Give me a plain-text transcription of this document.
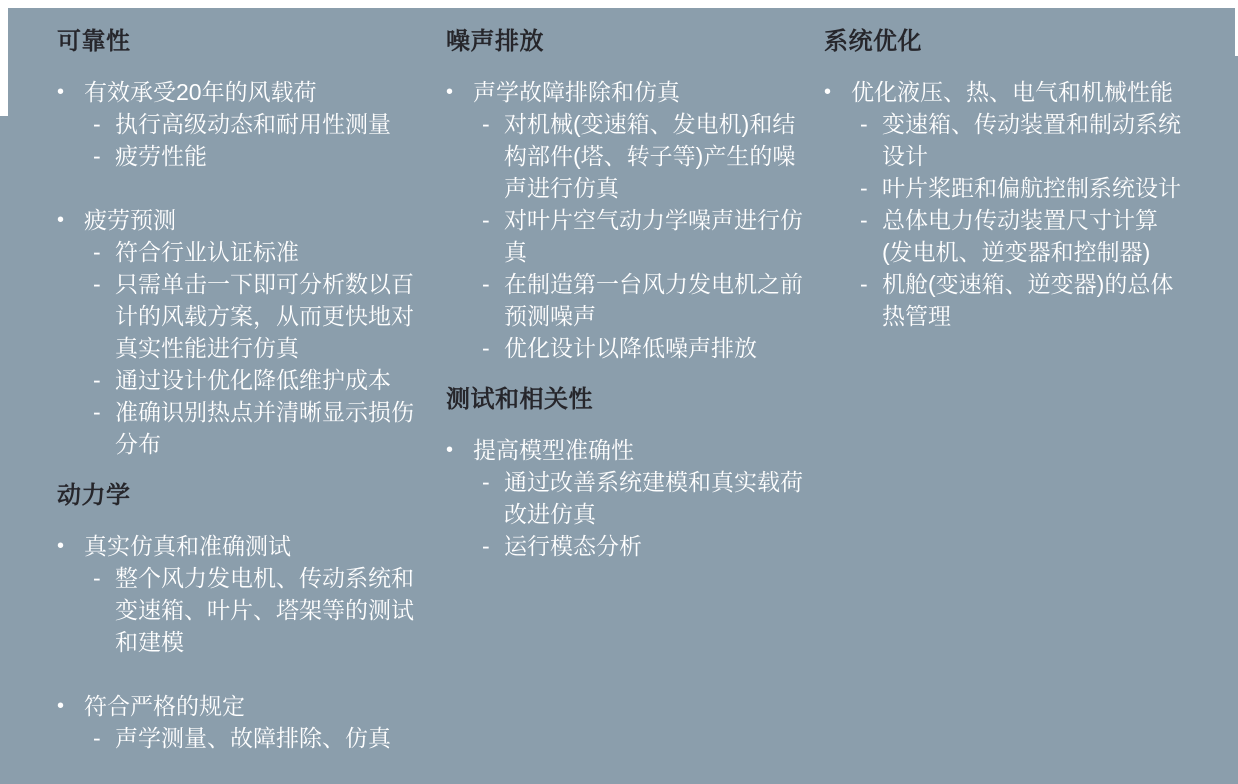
可靠性
• 有效承受20年的风载荷
- 执行高级动态和耐用性测量
- 疲劳性能
• 疲劳预测
- 符合行业认证标准
- 只需单击一下即可分析数以百计的风载方案，从而更快地对真实性能进行仿真
- 通过设计优化降低维护成本
- 准确识别热点并清晰显示损伤分布
动力学
• 真实仿真和准确测试
- 整个风力发电机、传动系统和变速箱、叶片、塔架等的测试和建模
• 符合严格的规定
- 声学测量、故障排除、仿真
噪声排放
• 声学故障排除和仿真
- 对机械(变速箱、发电机)和结构部件(塔、转子等)产生的噪声进行仿真
- 对叶片空气动力学噪声进行仿真
- 在制造第一台风力发电机之前预测噪声
- 优化设计以降低噪声排放
测试和相关性
• 提高模型准确性
- 通过改善系统建模和真实载荷改进仿真
- 运行模态分析
系统优化
• 优化液压、热、电气和机械性能
- 变速箱、传动装置和制动系统设计
- 叶片桨距和偏航控制系统设计
- 总体电力传动装置尺寸计算(发电机、逆变器和控制器)
- 机舱(变速箱、逆变器)的总体热管理
